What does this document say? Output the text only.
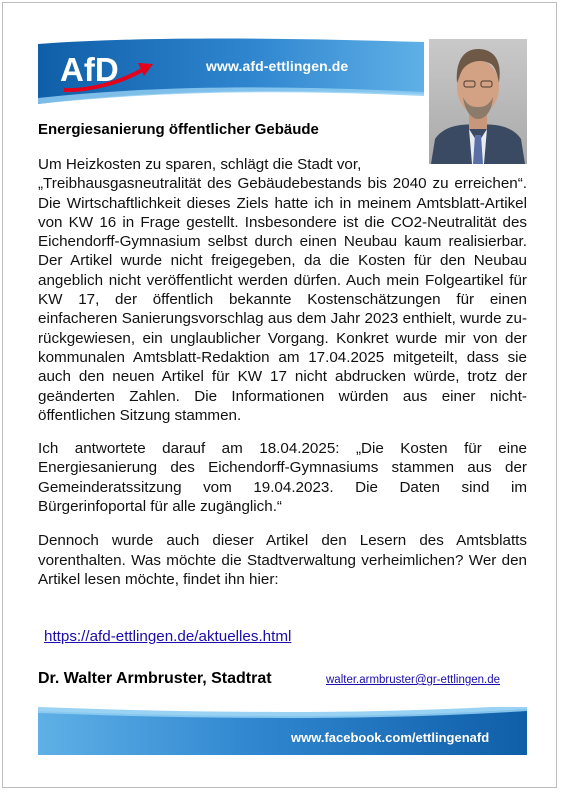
AfD	www.afd-ettlingen.de
Energiesanierung öffentlicher Gebäude

Um Heizkosten zu sparen, schlägt die Stadt vor,
„Treibhausgasneutralität des Gebäudebestands bis 2040 zu erreichen“. Die Wirtschaftlichkeit dieses Ziels hatte ich in meinem Amtsblatt-Artikel von KW 16 in Frage gestellt. Insbesondere ist die CO2-Neutralität des Eichendorff-Gymnasium selbst durch einen Neubau kaum realisierbar. Der Artikel wurde nicht freigegeben, da die Kosten für den Neubau angeblich nicht veröffentlicht werden dürfen. Auch mein Folgeartikel für KW 17, der öffentlich bekannte Kostenschätzungen für einen einfacheren Sanierungsvorschlag aus dem Jahr 2023 enthielt, wurde zurückgewiesen, ein unglaublicher Vorgang. Konkret wurde mir von der kommunalen Amtsblatt-Redaktion am 17.04.2025 mitgeteilt, dass sie auch den neuen Artikel für KW 17 nicht abdrucken würde, trotz der geänderten Zahlen. Die Informationen würden aus einer nicht-öffentlichen Sitzung stammen.

Ich antwortete darauf am 18.04.2025: „Die Kosten für eine Energiesanierung des Eichendorff-Gymnasiums stammen aus der Gemeinderatssitzung vom 19.04.2023. Die Daten sind im Bürgerinfoportal für alle zugänglich.“

Dennoch wurde auch dieser Artikel den Lesern des Amtsblatts vorenthalten. Was möchte die Stadtverwaltung verheimlichen? Wer den Artikel lesen möchte, findet ihn hier:

https://afd-ettlingen.de/aktuelles.html
Dr. Walter Armbruster, Stadtrat	walter.armbruster@gr-ettlingen.de
www.facebook.com/ettlingenafd
